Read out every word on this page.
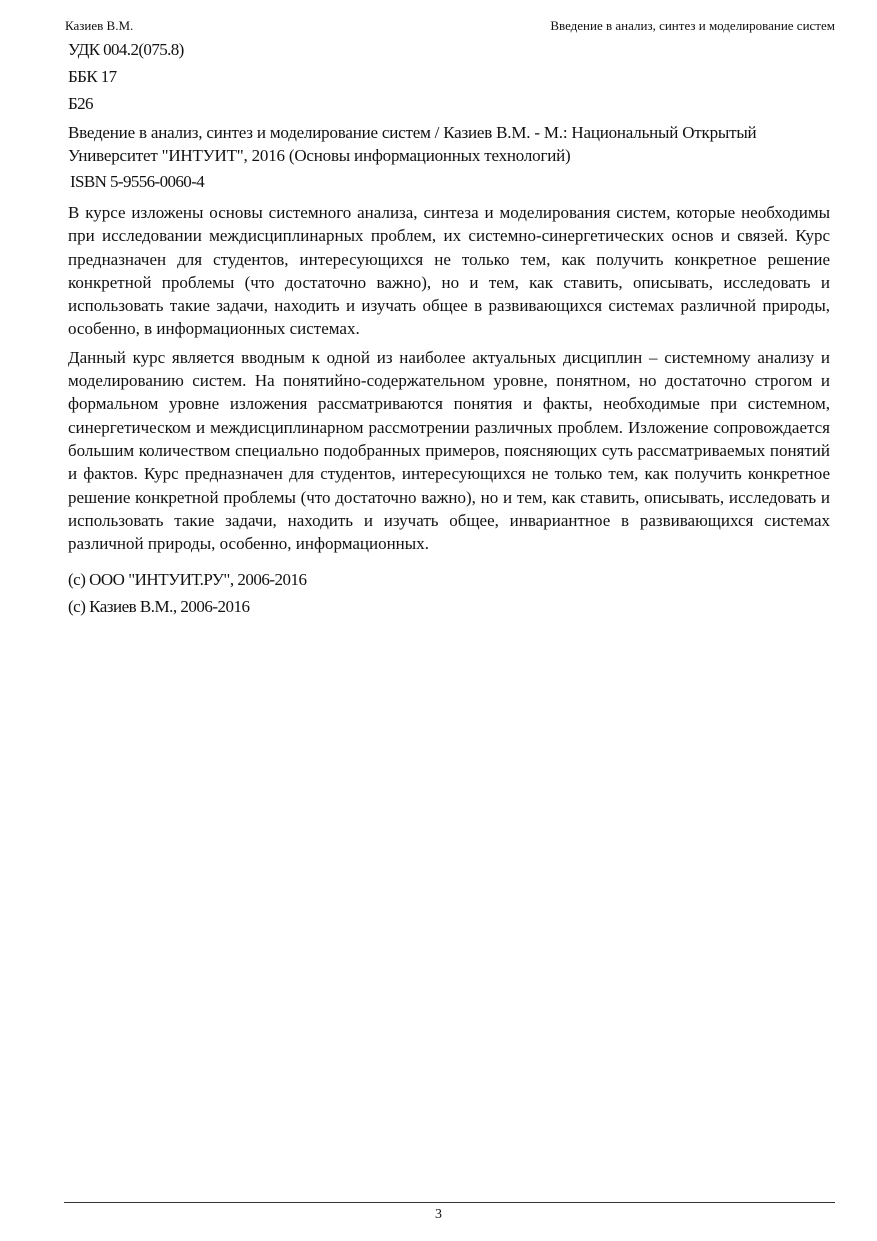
Казиев В.М.	Введение в анализ, синтез и моделирование систем
УДК 004.2(075.8)
ББК 17
Б26
Введение в анализ, синтез и моделирование систем / Казиев В.М. - М.: Национальный Открытый Университет "ИНТУИТ", 2016 (Основы информационных технологий)
ISBN 5-9556-0060-4

В курсе изложены основы системного анализа, синтеза и моделирования систем, которые необходимы при исследовании междисциплинарных проблем, их системно-синергетических основ и связей. Курс предназначен для студентов, интересующихся не только тем, как получить конкретное решение конкретной проблемы (что достаточно важно), но и тем, как ставить, описывать, исследовать и использовать такие задачи, находить и изучать общее в развивающихся системах различной природы, особенно, в информационных системах.

Данный курс является вводным к одной из наиболее актуальных дисциплин – системному анализу и моделированию систем. На понятийно-содержательном уровне, понятном, но достаточно строгом и формальном уровне изложения рассматриваются понятия и факты, необходимые при системном, синергетическом и междисциплинарном рассмотрении различных проблем. Изложение сопровождается большим количеством специально подобранных примеров, поясняющих суть рассматриваемых понятий и фактов. Курс предназначен для студентов, интересующихся не только тем, как получить конкретное решение конкретной проблемы (что достаточно важно), но и тем, как ставить, описывать, исследовать и использовать такие задачи, находить и изучать общее, инвариантное в развивающихся системах различной природы, особенно, информационных.

(c) ООО "ИНТУИТ.РУ", 2006-2016
(c) Казиев В.М., 2006-2016
3
